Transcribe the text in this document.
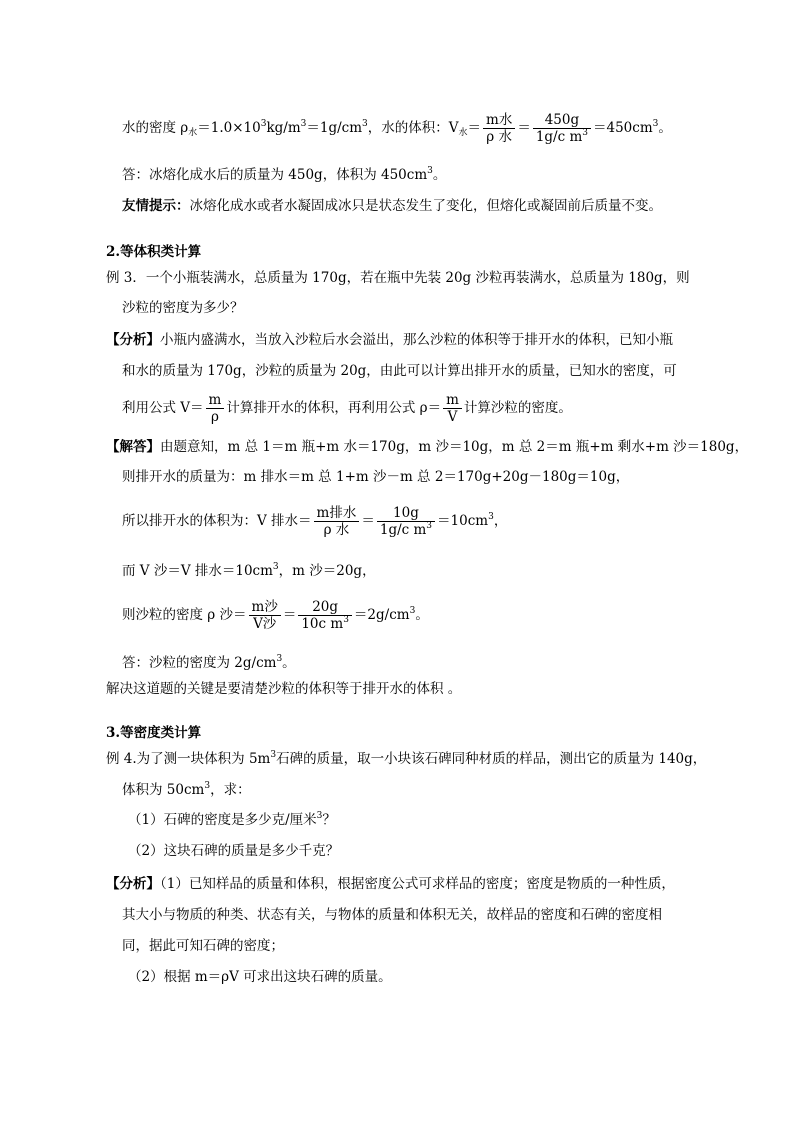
水的密度 $\rho_水=1.0\times 10^3kg/m^3=1g/cm^3$，水的体积：$V_水= \frac{\text{m水}}{\text{ρ 水}} = \frac{450g}{1g/c m^3} =450cm^3$。
答：冰熔化成水后的质量为 450g，体积为 $450cm^3$。
友情提示：冰熔化成水或者水凝固成冰只是状态发生了变化，但熔化或凝固前后质量不变。
2.等体积类计算
例 3．一个小瓶装满水，总质量为 170g，若在瓶中先装 20g 沙粒再装满水，总质量为 180g，则
沙粒的密度为多少？
【分析】小瓶内盛满水，当放入沙粒后水会溢出，那么沙粒的体积等于排开水的体积，已知小瓶
和水的质量为 170g，沙粒的质量为 20g，由此可以计算出排开水的质量，已知水的密度，可
利用公式 $V= \frac{m}{\rho}$ 计算排开水的体积，再利用公式 $\rho= \frac{m}{V}$ 计算沙粒的密度。
【解答】由题意知，m 总 1＝m 瓶+m 水＝170g，m 沙＝10g，m 总 2＝m 瓶+m 剩水+m 沙＝180g，
则排开水的质量为：m 排水＝m 总 1+m 沙－m 总 2＝170g+20g－180g＝10g，
所以排开水的体积为：V 排水＝ $\frac{\text{m排水}}{\text{ρ 水}} = \frac{10g}{1g/c m^3} =10cm^3$，
而 V 沙＝V 排水$=10cm^3$，m 沙＝20g，
则沙粒的密度 ρ 沙＝ $\frac{\text{m沙}}{\text{V沙}} = \frac{20g}{10c m^3} =2g/cm^3$。
答：沙粒的密度为 $2g/cm^3$。
解决这道题的关键是要清楚沙粒的体积等于排开水的体积 。
3.等密度类计算
例 4.为了测一块体积为 $5m^3$石碑的质量，取一小块该石碑同种材质的样品，测出它的质量为 140g，
体积为 $50cm^3$，求：
（1）石碑的密度是多少克/厘米$^3$？
（2）这块石碑的质量是多少千克？
【分析】（1）已知样品的质量和体积，根据密度公式可求样品的密度；密度是物质的一种性质，
其大小与物质的种类、状态有关，与物体的质量和体积无关，故样品的密度和石碑的密度相
同，据此可知石碑的密度；
（2）根据 m＝ρV 可求出这块石碑的质量。
